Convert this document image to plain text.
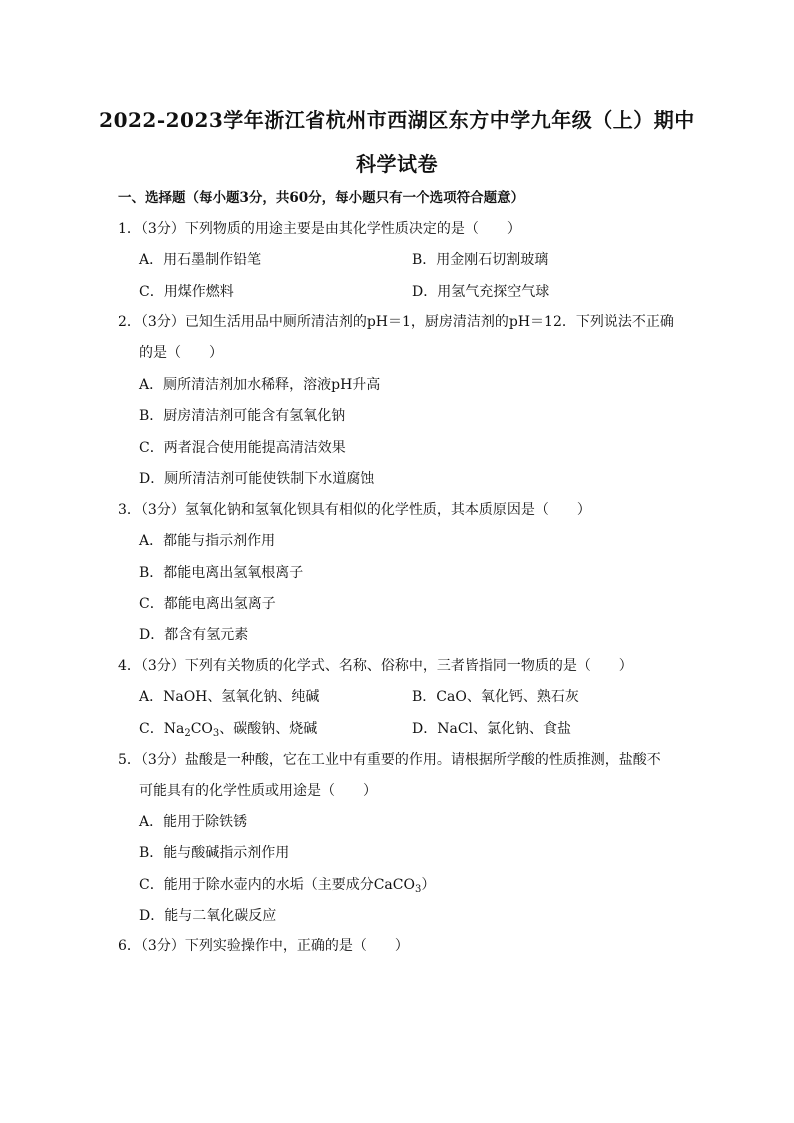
2022-2023学年浙江省杭州市西湖区东方中学九年级（上）期中
科学试卷
一、选择题（每小题3分，共60分，每小题只有一个选项符合题意）
1．（3分）下列物质的用途主要是由其化学性质决定的是（　　）
A．用石墨制作铅笔	B．用金刚石切割玻璃
C．用煤作燃料	D．用氢气充探空气球
2．（3分）已知生活用品中厕所清洁剂的pH＝1，厨房清洁剂的pH＝12．下列说法不正确
的是（　　）
A．厕所清洁剂加水稀释，溶液pH升高
B．厨房清洁剂可能含有氢氧化钠
C．两者混合使用能提高清洁效果
D．厕所清洁剂可能使铁制下水道腐蚀
3．（3分）氢氧化钠和氢氧化钡具有相似的化学性质，其本质原因是（　　）
A．都能与指示剂作用
B．都能电离出氢氧根离子
C．都能电离出氢离子
D．都含有氢元素
4．（3分）下列有关物质的化学式、名称、俗称中，三者皆指同一物质的是（　　）
A．NaOH、氢氧化钠、纯碱	B．CaO、氧化钙、熟石灰
C．$Na_2CO_3$、碳酸钠、烧碱	D．NaCl、氯化钠、食盐
5．（3分）盐酸是一种酸，它在工业中有重要的作用。请根据所学酸的性质推测，盐酸不
可能具有的化学性质或用途是（　　）
A．能用于除铁锈
B．能与酸碱指示剂作用
C．能用于除水壶内的水垢（主要成分CaCO$_3$）
D．能与二氧化碳反应
6．（3分）下列实验操作中，正确的是（　　）
